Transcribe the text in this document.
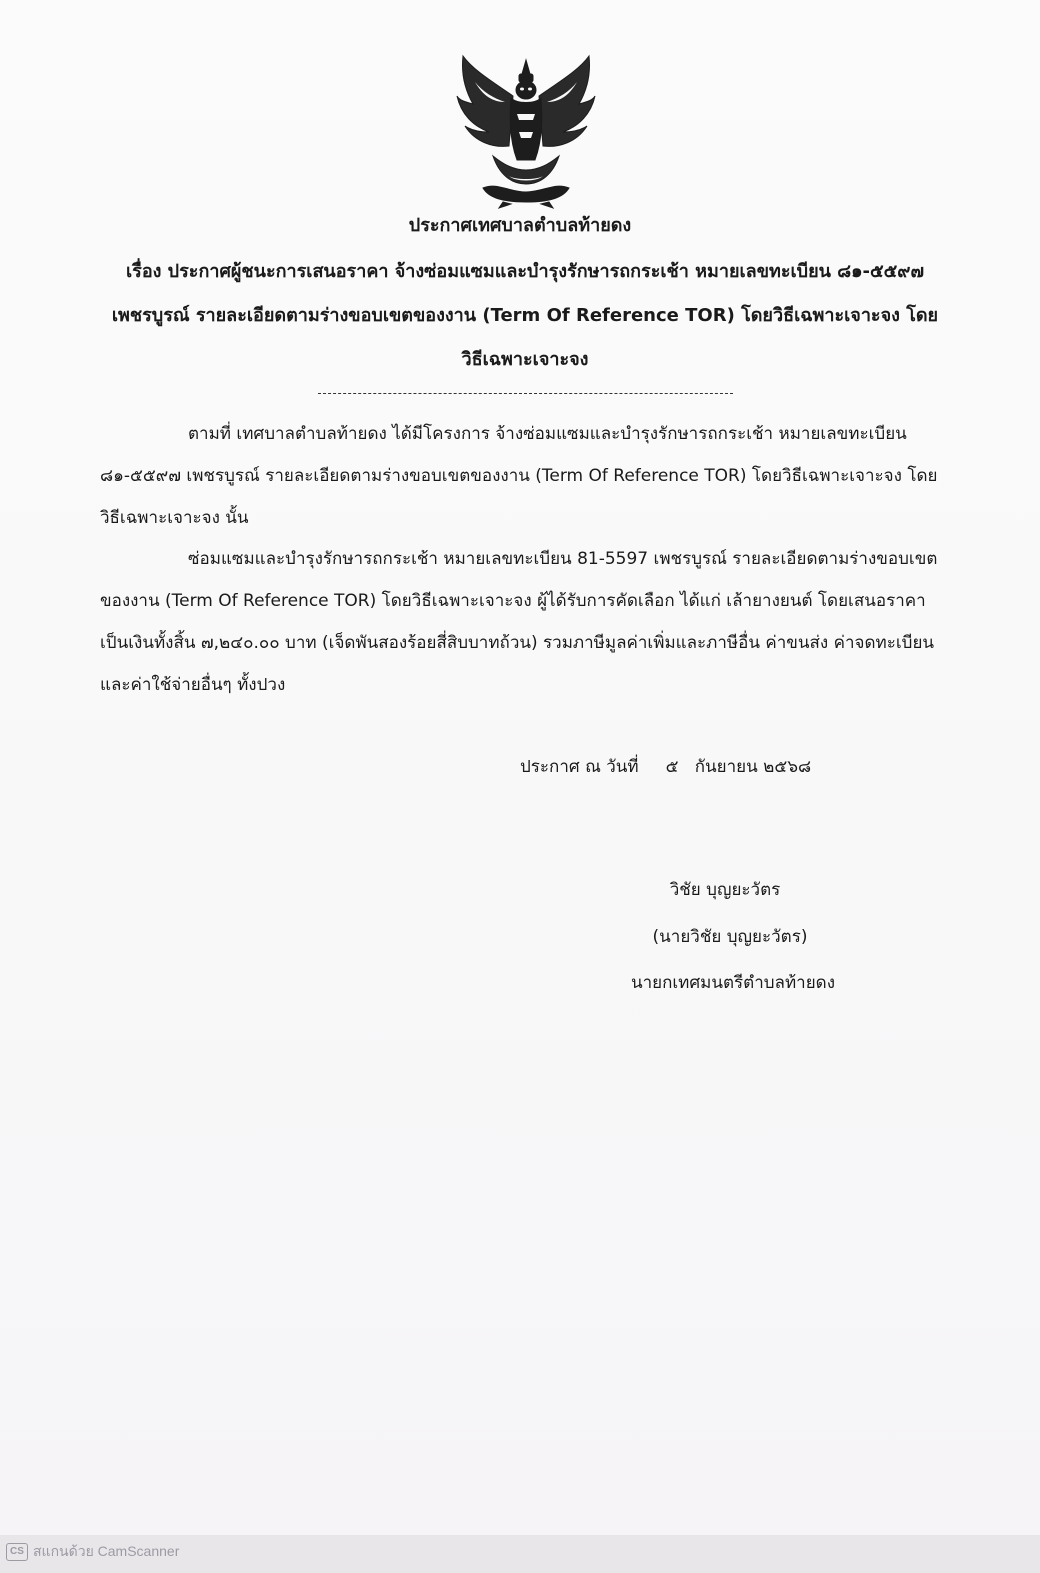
ประกาศเทศบาลตำบลท้ายดง

เรื่อง ประกาศผู้ชนะการเสนอราคา จ้างซ่อมแซมและบำรุงรักษารถกระเช้า หมายเลขทะเบียน ๘๑-๕๕๙๗ เพชรบูรณ์ รายละเอียดตามร่างขอบเขตของงาน (Term Of Reference TOR) โดยวิธีเฉพาะเจาะจง โดยวิธีเฉพาะเจาะจง

ตามที่ เทศบาลตำบลท้ายดง ได้มีโครงการ จ้างซ่อมแซมและบำรุงรักษารถกระเช้า หมายเลขทะเบียน ๘๑-๕๕๙๗ เพชรบูรณ์ รายละเอียดตามร่างขอบเขตของงาน (Term Of Reference TOR) โดยวิธีเฉพาะเจาะจง โดยวิธีเฉพาะเจาะจง นั้น

ซ่อมแซมและบำรุงรักษารถกระเช้า หมายเลขทะเบียน 81-5597 เพชรบูรณ์ รายละเอียดตามร่างขอบเขตของงาน (Term Of Reference TOR) โดยวิธีเฉพาะเจาะจง ผู้ได้รับการคัดเลือก ได้แก่ เล้ายางยนต์ โดยเสนอราคาเป็นเงินทั้งสิ้น ๗,๒๔๐.๐๐ บาท (เจ็ดพันสองร้อยสี่สิบบาทถ้วน) รวมภาษีมูลค่าเพิ่มและภาษีอื่น ค่าขนส่ง ค่าจดทะเบียน และค่าใช้จ่ายอื่นๆ ทั้งปวง

ประกาศ ณ วันที่     ๕   กันยายน ๒๕๖๘

วิชัย บุญยะวัตร

(นายวิชัย บุญยะวัตร)

นายกเทศมนตรีตำบลท้ายดง

CS สแกนด้วย CamScanner
